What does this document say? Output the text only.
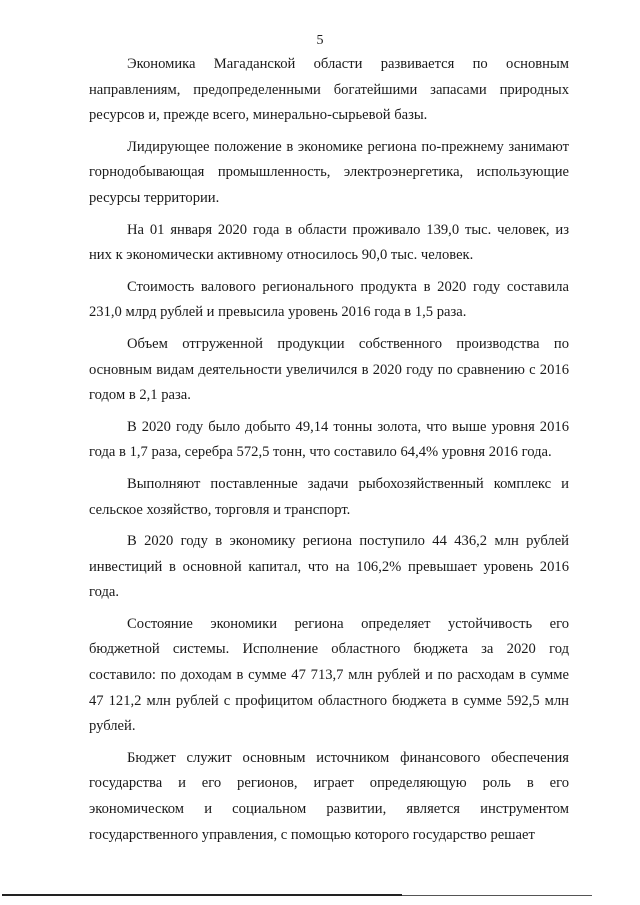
5

Экономика Магаданской области развивается по основным направлениям, предопределенными богатейшими запасами природных ресурсов и, прежде всего, минерально-сырьевой базы.

Лидирующее положение в экономике региона по-прежнему занимают горнодобывающая промышленность, электроэнергетика, использующие ресурсы территории.

На 01 января 2020 года в области проживало 139,0 тыс. человек, из них к экономически активному относилось 90,0 тыс. человек.

Стоимость валового регионального продукта в 2020 году составила 231,0 млрд рублей и превысила уровень 2016 года в 1,5 раза.

Объем отгруженной продукции собственного производства по основным видам деятельности увеличился в 2020 году по сравнению с 2016 годом в 2,1 раза.

В 2020 году было добыто 49,14 тонны золота, что выше уровня 2016 года в 1,7 раза, серебра 572,5 тонн, что составило 64,4% уровня 2016 года.

Выполняют поставленные задачи рыбохозяйственный комплекс и сельское хозяйство, торговля и транспорт.

В 2020 году в экономику региона поступило 44 436,2 млн рублей инвестиций в основной капитал, что на 106,2% превышает уровень 2016 года.

Состояние экономики региона определяет устойчивость его бюджетной системы. Исполнение областного бюджета за 2020 год составило: по доходам в сумме 47 713,7 млн рублей и по расходам в сумме 47 121,2 млн рублей с профицитом областного бюджета в сумме 592,5 млн рублей.

Бюджет служит основным источником финансового обеспечения государства и его регионов, играет определяющую роль в его экономическом и социальном развитии, является инструментом государственного управления, с помощью которого государство решает
